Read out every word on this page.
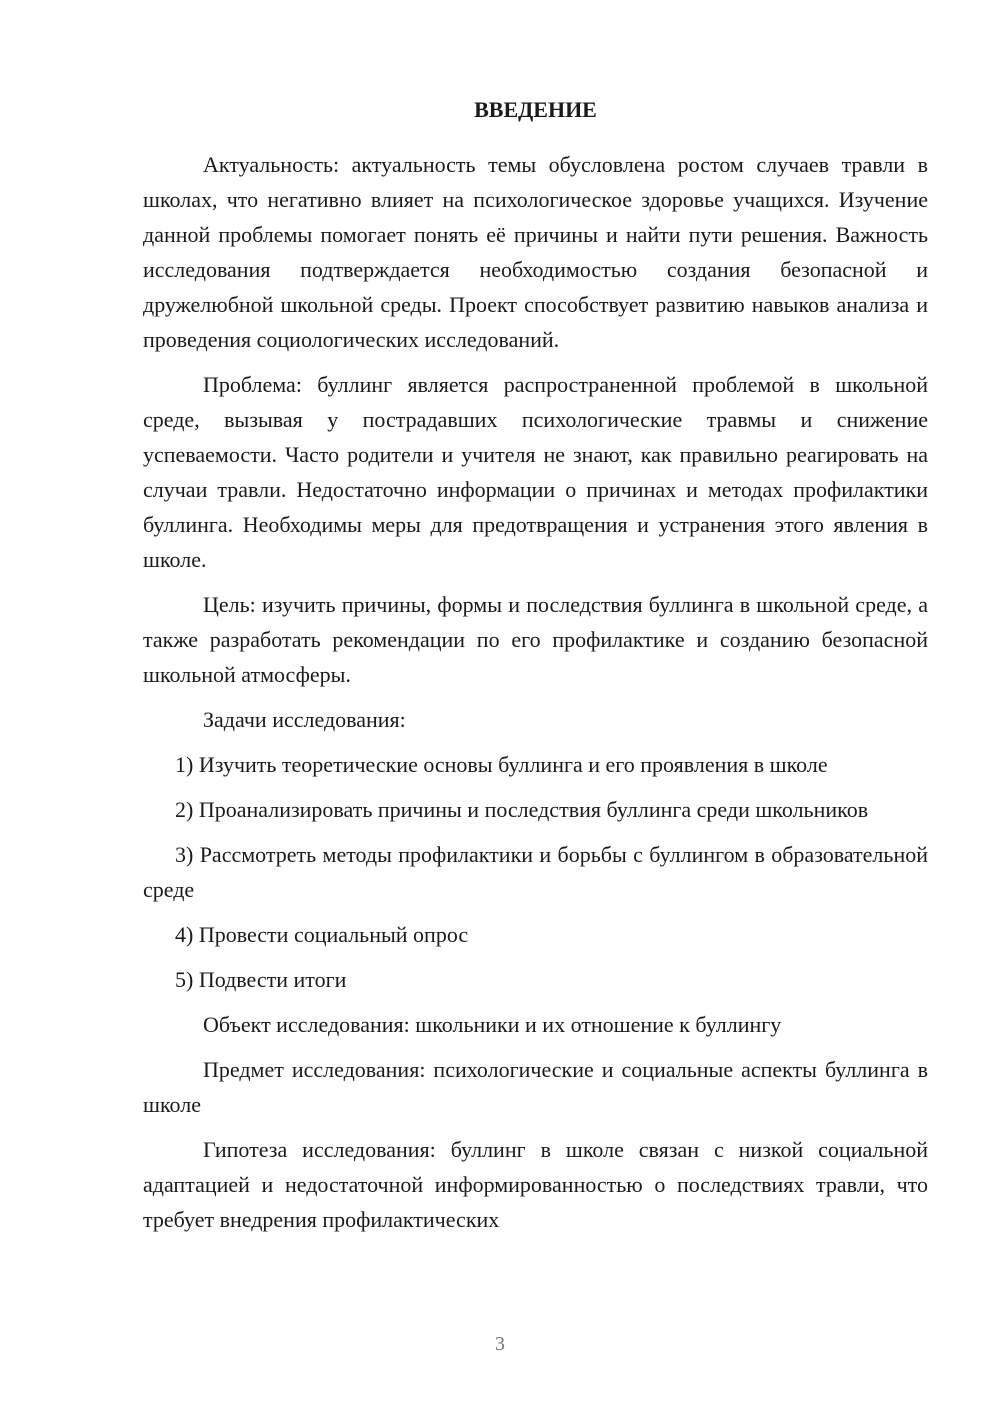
ВВЕДЕНИЕ

Актуальность: актуальность темы обусловлена ростом случаев травли в школах, что негативно влияет на психологическое здоровье учащихся. Изучение данной проблемы помогает понять её причины и найти пути решения. Важность исследования подтверждается необходимостью создания безопасной и дружелюбной школьной среды. Проект способствует развитию навыков анализа и проведения социологических исследований.

Проблема: буллинг является распространенной проблемой в школьной среде, вызывая у пострадавших психологические травмы и снижение успеваемости. Часто родители и учителя не знают, как правильно реагировать на случаи травли. Недостаточно информации о причинах и методах профилактики буллинга. Необходимы меры для предотвращения и устранения этого явления в школе.

Цель: изучить причины, формы и последствия буллинга в школьной среде, а также разработать рекомендации по его профилактике и созданию безопасной школьной атмосферы.

Задачи исследования:

1) Изучить теоретические основы буллинга и его проявления в школе

2) Проанализировать причины и последствия буллинга среди школьников

3) Рассмотреть методы профилактики и борьбы с буллингом в образовательной среде

4) Провести социальный опрос

5) Подвести итоги

Объект исследования: школьники и их отношение к буллингу

Предмет исследования: психологические и социальные аспекты буллинга в школе

Гипотеза исследования: буллинг в школе связан с низкой социальной адаптацией и недостаточной информированностью о последствиях травли, что требует внедрения профилактических

3
